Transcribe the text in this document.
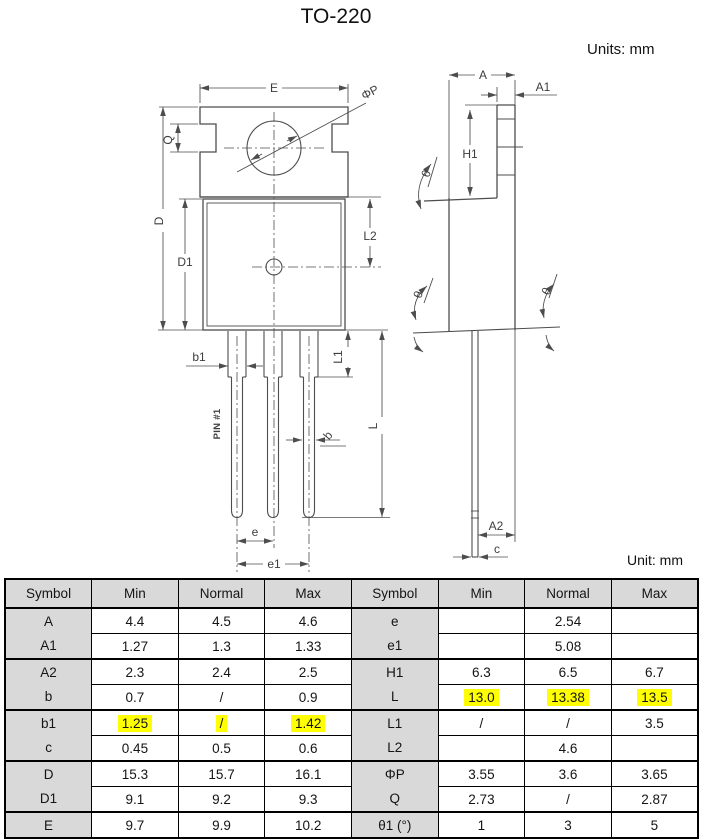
TO-220
Units: mm
Unit: mm
E
Q
D
D1
L2
ΦP
b1
PIN #1	b
L1
L
e
e1
A
A1
H1
θ
θ	θ
A2
c
Symbol	Min	Normal	Max	Symbol	Min	Normal	Max
A	4.4	4.5	4.6	e		2.54	
A1	1.27	1.3	1.33	e1		5.08	
A2	2.3	2.4	2.5	H1	6.3	6.5	6.7
b	0.7	/	0.9	L	13.0	13.38	13.5
b1	1.25	/	1.42	L1	/	/	3.5
c	0.45	0.5	0.6	L2		4.6	
D	15.3	15.7	16.1	ΦP	3.55	3.6	3.65
D1	9.1	9.2	9.3	Q	2.73	/	2.87
E	9.7	9.9	10.2	θ1 (°)	1	3	5
